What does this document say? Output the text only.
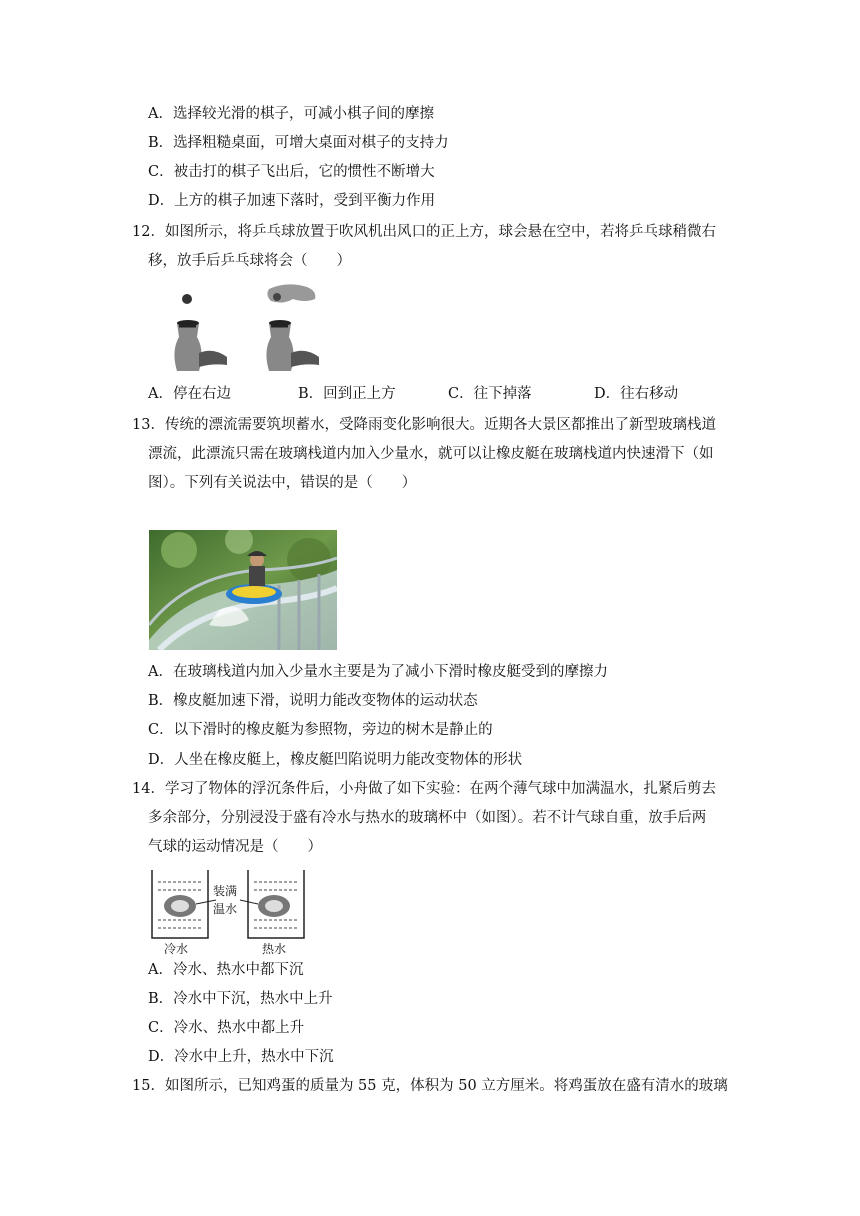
A．选择较光滑的棋子，可减小棋子间的摩擦
B．选择粗糙桌面，可增大桌面对棋子的支持力
C．被击打的棋子飞出后，它的惯性不断增大
D．上方的棋子加速下落时，受到平衡力作用
12．如图所示，将乒乓球放置于吹风机出风口的正上方，球会悬在空中，若将乒乓球稍微右
移，放手后乒乓球将会（　　）
A．停在右边	B．回到正上方	C．往下掉落	D．往右移动
13．传统的漂流需要筑坝蓄水，受降雨变化影响很大。近期各大景区都推出了新型玻璃栈道
漂流，此漂流只需在玻璃栈道内加入少量水，就可以让橡皮艇在玻璃栈道内快速滑下（如
图）。下列有关说法中，错误的是（　　）
A．在玻璃栈道内加入少量水主要是为了减小下滑时橡皮艇受到的摩擦力
B．橡皮艇加速下滑，说明力能改变物体的运动状态
C．以下滑时的橡皮艇为参照物，旁边的树木是静止的
D．人坐在橡皮艇上，橡皮艇凹陷说明力能改变物体的形状
14．学习了物体的浮沉条件后，小舟做了如下实验：在两个薄气球中加满温水，扎紧后剪去
多余部分，分别浸没于盛有冷水与热水的玻璃杯中（如图）。若不计气球自重，放手后两
气球的运动情况是（　　）
装满
温水
冷水	热水
A．冷水、热水中都下沉
B．冷水中下沉，热水中上升
C．冷水、热水中都上升
D．冷水中上升，热水中下沉
15．如图所示，已知鸡蛋的质量为 55 克，体积为 50 立方厘米。将鸡蛋放在盛有清水的玻璃
